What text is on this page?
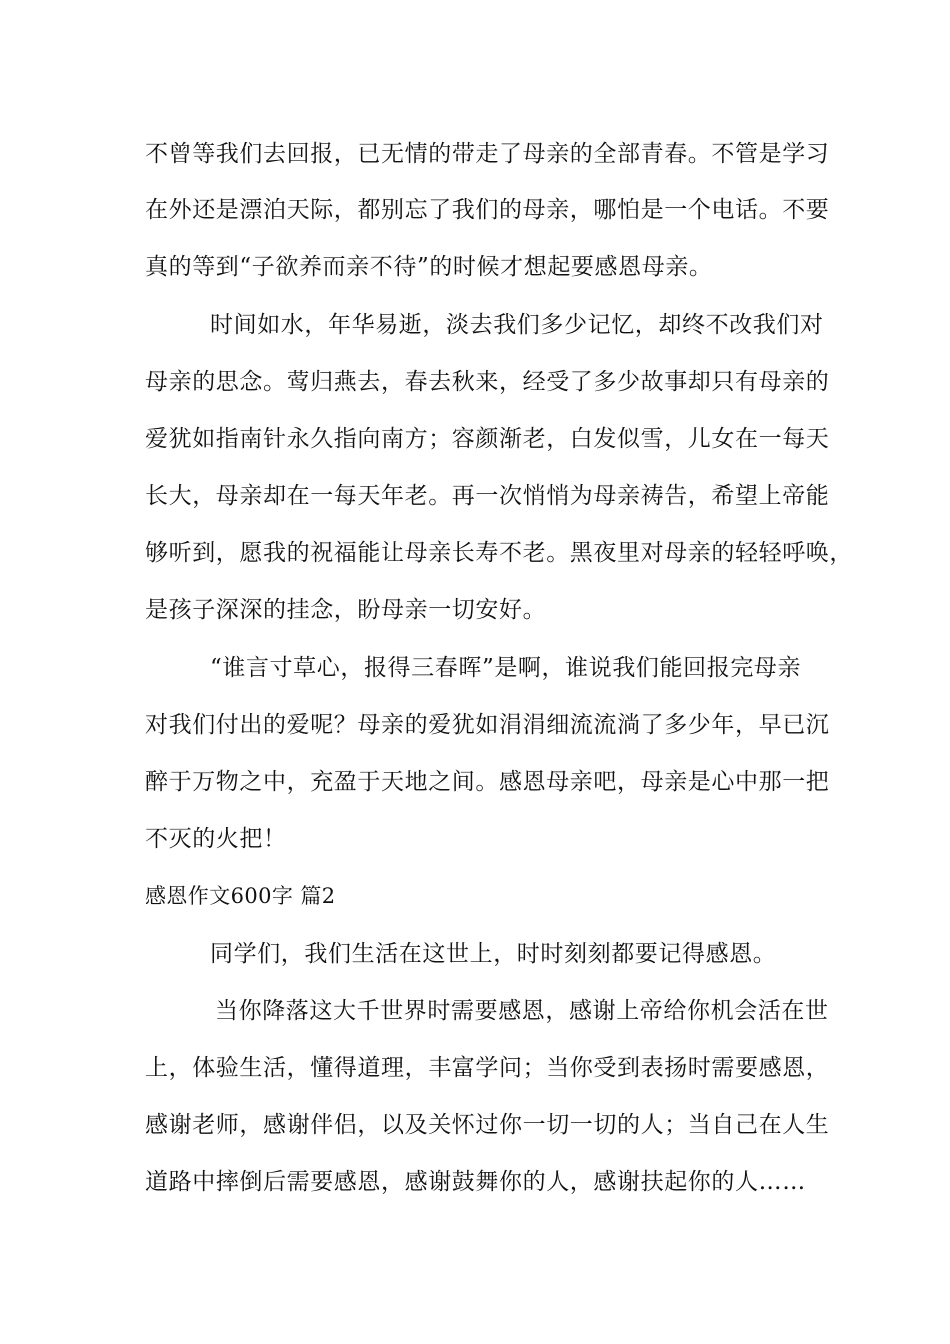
不曾等我们去回报，已无情的带走了母亲的全部青春。不管是学习
在外还是漂泊天际，都别忘了我们的母亲，哪怕是一个电话。不要
真的等到“子欲养而亲不待”的时候才想起要感恩母亲。
时间如水，年华易逝，淡去我们多少记忆，却终不改我们对
母亲的思念。莺归燕去，春去秋来，经受了多少故事却只有母亲的
爱犹如指南针永久指向南方；容颜渐老，白发似雪，儿女在一每天
长大，母亲却在一每天年老。再一次悄悄为母亲祷告，希望上帝能
够听到，愿我的祝福能让母亲长寿不老。黑夜里对母亲的轻轻呼唤，
是孩子深深的挂念，盼母亲一切安好。
“谁言寸草心，报得三春晖”是啊，谁说我们能回报完母亲
对我们付出的爱呢？母亲的爱犹如涓涓细流流淌了多少年，早已沉
醉于万物之中，充盈于天地之间。感恩母亲吧，母亲是心中那一把
不灭的火把！
感恩作文600字 篇2
同学们，我们生活在这世上，时时刻刻都要记得感恩。
当你降落这大千世界时需要感恩，感谢上帝给你机会活在世
上，体验生活，懂得道理，丰富学问；当你受到表扬时需要感恩，
感谢老师，感谢伴侣，以及关怀过你一切一切的人；当自己在人生
道路中摔倒后需要感恩，感谢鼓舞你的人，感谢扶起你的人……
